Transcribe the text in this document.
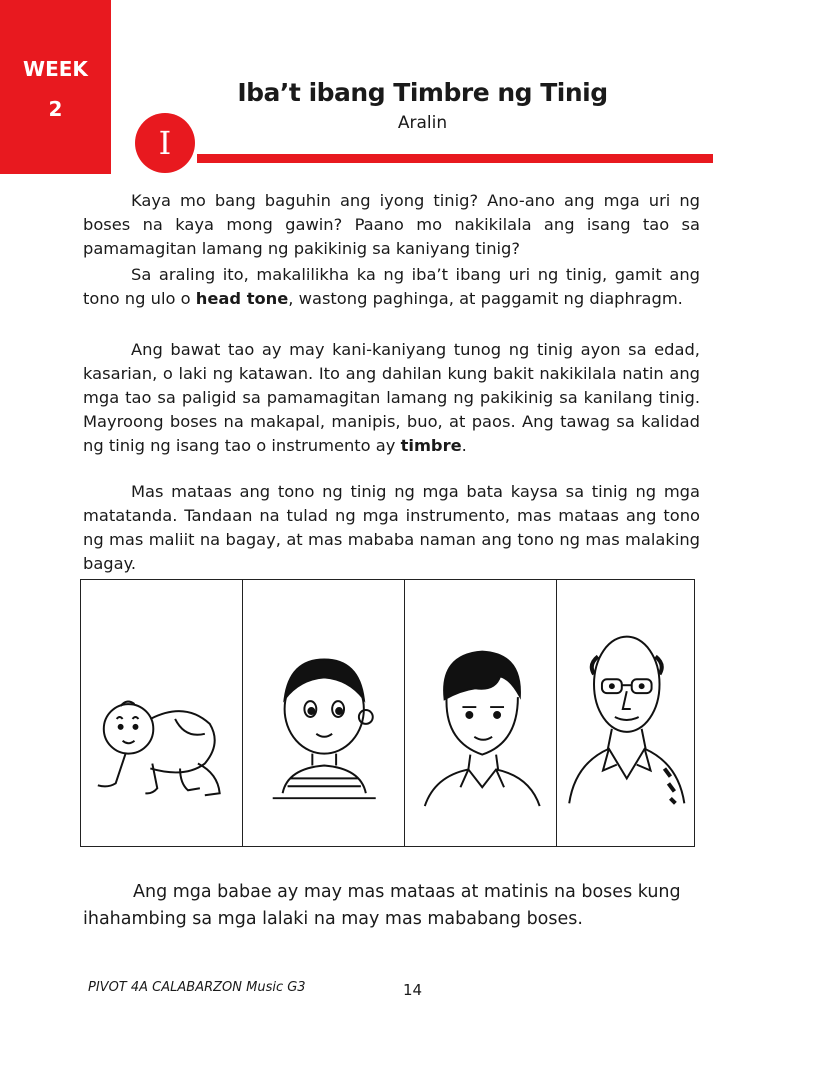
WEEK
2
Iba’t ibang Timbre ng Tinig
Aralin
I

Kaya mo bang baguhin ang iyong tinig? Ano-ano ang mga uri ng boses na kaya mong gawin? Paano mo nakikilala ang isang tao sa pamamagitan lamang ng pakikinig sa kaniyang tinig?

Sa araling ito, makalilikha ka ng iba’t ibang uri ng tinig, gamit ang tono ng ulo o head tone, wastong paghinga, at paggamit ng diaphragm.

Ang bawat tao ay may kani-kaniyang tunog ng tinig ayon sa edad, kasarian, o laki ng katawan. Ito ang dahilan kung bakit nakikilala natin ang mga tao sa paligid sa pamamagitan lamang ng pakikinig sa kanilang tinig. Mayroong boses na makapal, manipis, buo, at paos. Ang tawag sa kalidad ng tinig ng isang tao o instrumento ay timbre.

Mas mataas ang tono ng tinig ng mga bata kaysa sa tinig ng mga matatanda. Tandaan na tulad ng mga instrumento, mas mataas ang tono ng mas maliit na bagay, at mas mababa naman ang tono ng mas malaking bagay.

Ang mga babae ay may mas mataas at matinis na boses kung ihahambing sa mga lalaki na may mas mababang boses.

PIVOT 4A CALABARZON Music G3	14
